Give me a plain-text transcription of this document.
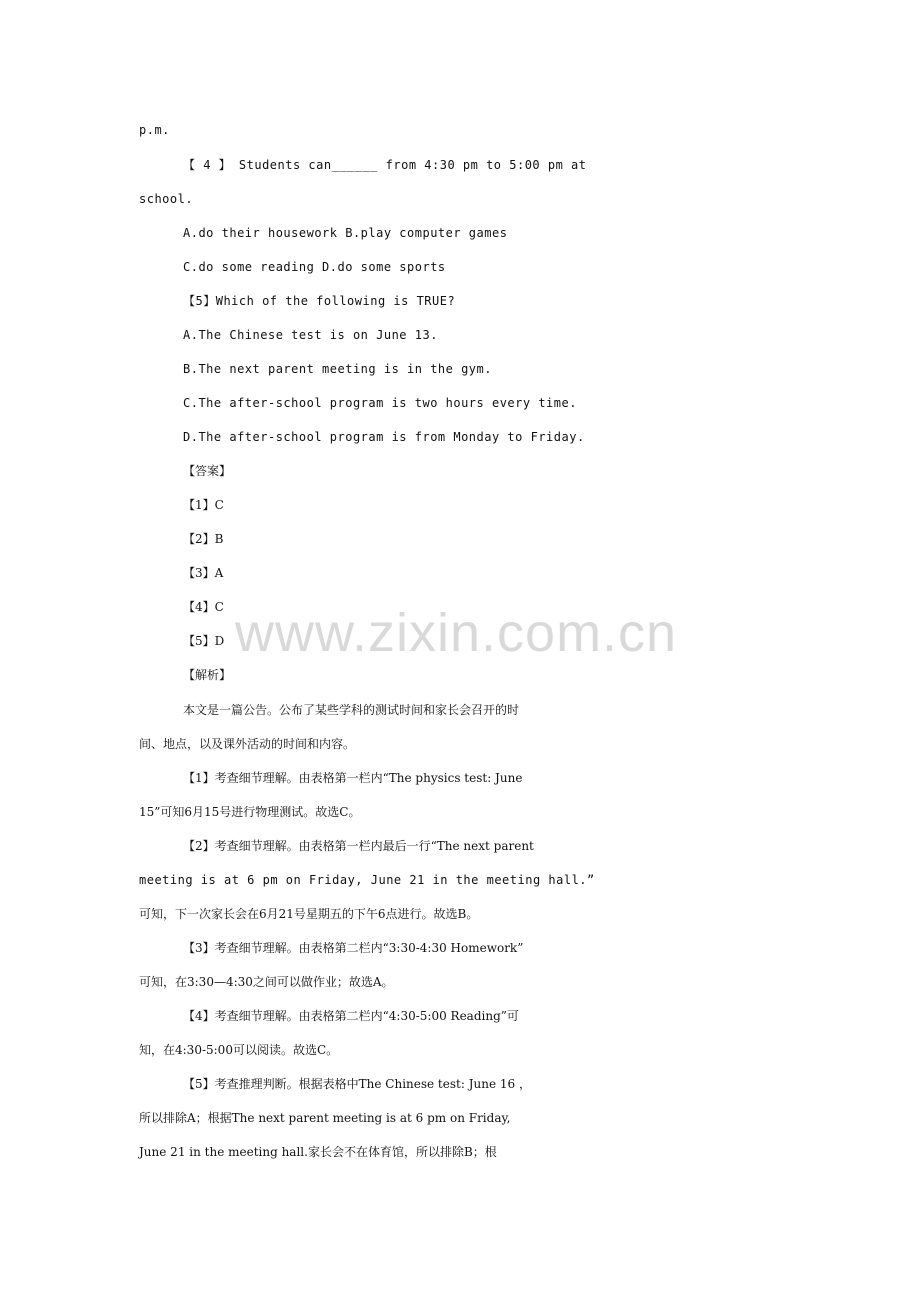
p.m.
【 4 】 Students can______ from 4:30 pm to 5:00 pm at
school.
A.do their housework B.play computer games
C.do some reading D.do some sports
【5】Which of the following is TRUE?
A.The Chinese test is on June 13.
B.The next parent meeting is in the gym.
C.The after-school program is two hours every time.
D.The after-school program is from Monday to Friday.
【答案】
【1】C
【2】B
【3】A
【4】C
【5】D
【解析】
本文是一篇公告。公布了某些学科的测试时间和家长会召开的时
间、地点，以及课外活动的时间和内容。
【1】考查细节理解。由表格第一栏内“The physics test: June
15”可知6月15号进行物理测试。故选C。
【2】考查细节理解。由表格第一栏内最后一行“The next parent
meeting is at 6 pm on Friday, June 21 in the meeting hall.”
可知，下一次家长会在6月21号星期五的下午6点进行。故选B。
【3】考查细节理解。由表格第二栏内“3:30-4:30 Homework”
可知，在3:30—4:30之间可以做作业；故选A。
【4】考查细节理解。由表格第二栏内“4:30-5:00 Reading”可
知，在4:30-5:00可以阅读。故选C。
【5】考查推理判断。根据表格中The Chinese test: June 16 ，
所以排除A；根据The next parent meeting is at 6 pm on Friday,
June 21 in the meeting hall.家长会不在体育馆，所以排除B；根
www.zixin.com.cn
